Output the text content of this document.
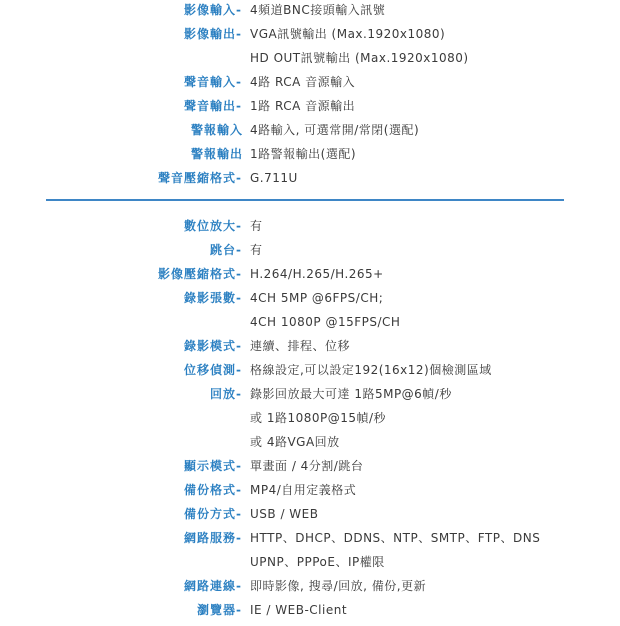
影像輸入- 4頻道BNC接頭輸入訊號
影像輸出- VGA訊號輸出 (Max.1920x1080)
HD OUT訊號輸出 (Max.1920x1080)
聲音輸入- 4路 RCA 音源輸入
聲音輸出- 1路 RCA 音源輸出
警報輸入 4路輸入, 可選常開/常閉(選配)
警報輸出 1路警報輸出(選配)
聲音壓縮格式- G.711U
數位放大- 有
跳台- 有
影像壓縮格式- H.264/H.265/H.265+
錄影張數- 4CH 5MP @6FPS/CH;
4CH 1080P @15FPS/CH
錄影模式- 連續、排程、位移
位移偵測- 格線設定,可以設定192(16x12)個檢測區域
回放- 錄影回放最大可達 1路5MP@6幀/秒
或 1路1080P@15幀/秒
或 4路VGA回放
顯示模式- 單畫面 / 4分割/跳台
備份格式- MP4/自用定義格式
備份方式- USB / WEB
網路服務- HTTP、DHCP、DDNS、NTP、SMTP、FTP、DNS
UPNP、PPPoE、IP權限
網路連線- 即時影像, 搜尋/回放, 備份,更新
瀏覽器- IE / WEB-Client
